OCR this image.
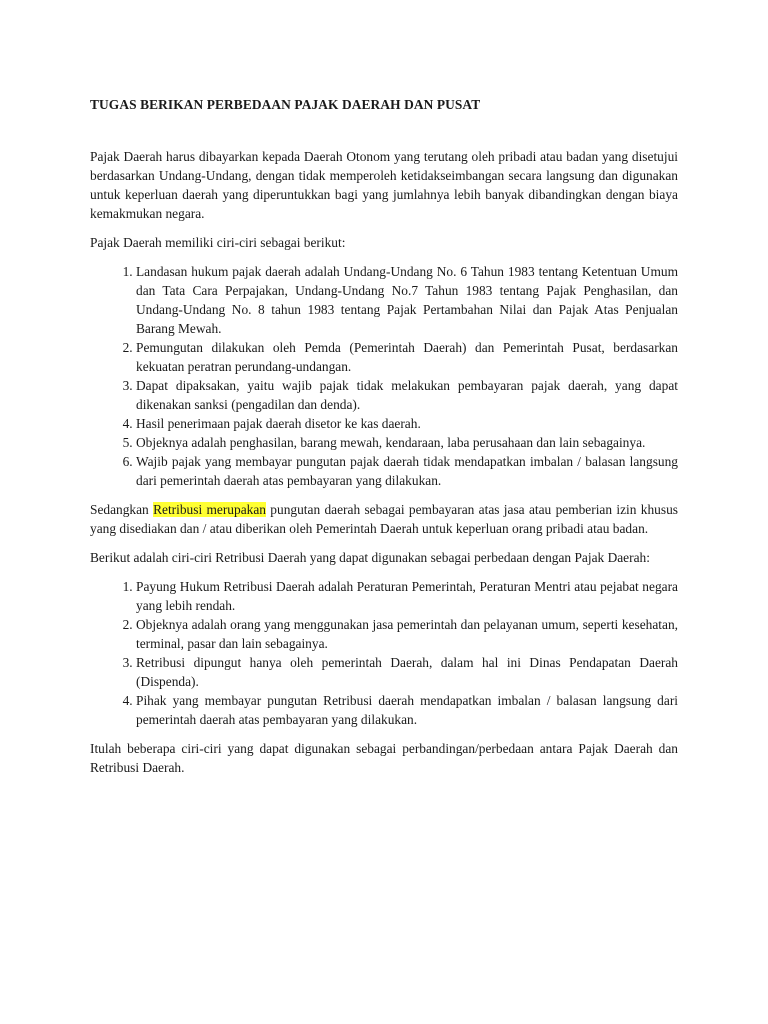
TUGAS BERIKAN PERBEDAAN PAJAK DAERAH DAN PUSAT

Pajak Daerah harus dibayarkan kepada Daerah Otonom yang terutang oleh pribadi atau badan yang disetujui berdasarkan Undang-Undang, dengan tidak memperoleh ketidakseimbangan secara langsung dan digunakan untuk keperluan daerah yang diperuntukkan bagi yang jumlahnya lebih banyak dibandingkan dengan biaya kemakmukan negara.

Pajak Daerah memiliki ciri-ciri sebagai berikut:

1. Landasan hukum pajak daerah adalah Undang-Undang No. 6 Tahun 1983 tentang Ketentuan Umum dan Tata Cara Perpajakan, Undang-Undang No.7 Tahun 1983 tentang Pajak Penghasilan, dan Undang-Undang No. 8 tahun 1983 tentang Pajak Pertambahan Nilai dan Pajak Atas Penjualan Barang Mewah.
2. Pemungutan dilakukan oleh Pemda (Pemerintah Daerah) dan Pemerintah Pusat, berdasarkan kekuatan peratran perundang-undangan.
3. Dapat dipaksakan, yaitu wajib pajak tidak melakukan pembayaran pajak daerah, yang dapat dikenakan sanksi (pengadilan dan denda).
4. Hasil penerimaan pajak daerah disetor ke kas daerah.
5. Objeknya adalah penghasilan, barang mewah, kendaraan, laba perusahaan dan lain sebagainya.
6. Wajib pajak yang membayar pungutan pajak daerah tidak mendapatkan imbalan / balasan langsung dari pemerintah daerah atas pembayaran yang dilakukan.

Sedangkan Retribusi merupakan pungutan daerah sebagai pembayaran atas jasa atau pemberian izin khusus yang disediakan dan / atau diberikan oleh Pemerintah Daerah untuk keperluan orang pribadi atau badan.

Berikut adalah ciri-ciri Retribusi Daerah yang dapat digunakan sebagai perbedaan dengan Pajak Daerah:

1. Payung Hukum Retribusi Daerah adalah Peraturan Pemerintah, Peraturan Mentri atau pejabat negara yang lebih rendah.
2. Objeknya adalah orang yang menggunakan jasa pemerintah dan pelayanan umum, seperti kesehatan, terminal, pasar dan lain sebagainya.
3. Retribusi dipungut hanya oleh pemerintah Daerah, dalam hal ini Dinas Pendapatan Daerah (Dispenda).
4. Pihak yang membayar pungutan Retribusi daerah mendapatkan imbalan / balasan langsung dari pemerintah daerah atas pembayaran yang dilakukan.

Itulah beberapa ciri-ciri yang dapat digunakan sebagai perbandingan/perbedaan antara Pajak Daerah dan Retribusi Daerah.
